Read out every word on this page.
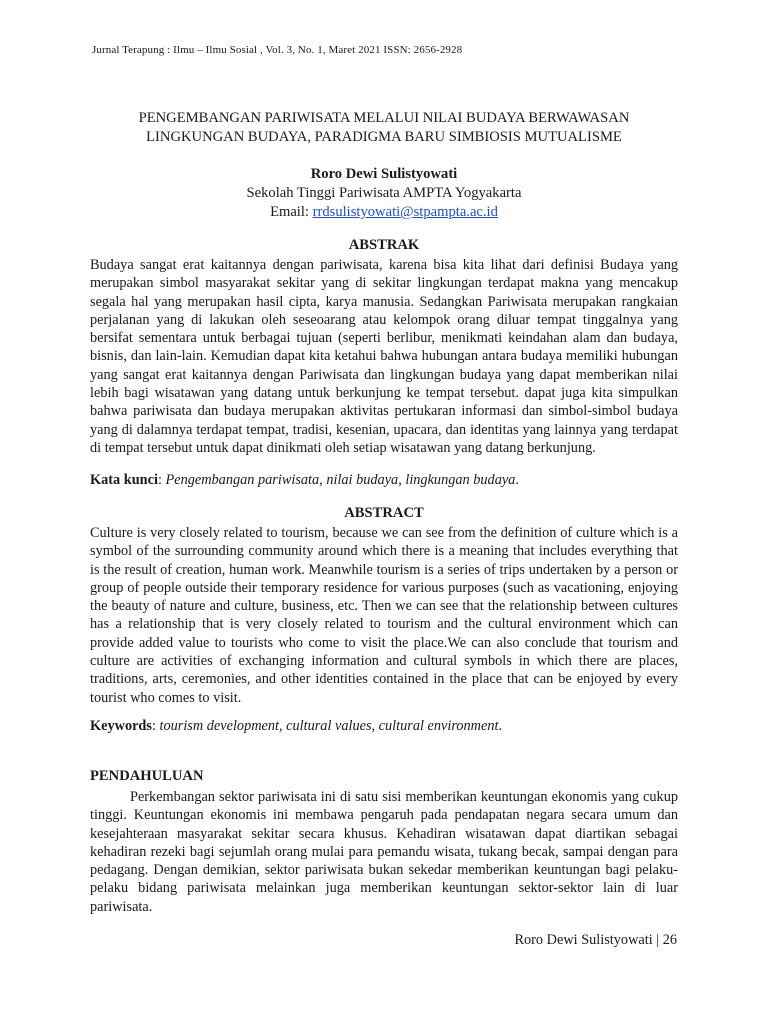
Jurnal Terapung : Ilmu – Ilmu Sosial , Vol. 3, No. 1, Maret 2021 ISSN: 2656-2928
PENGEMBANGAN PARIWISATA MELALUI NILAI BUDAYA BERWAWASAN
LINGKUNGAN BUDAYA, PARADIGMA BARU SIMBIOSIS MUTUALISME
Roro Dewi Sulistyowati
Sekolah Tinggi Pariwisata AMPTA Yogyakarta
Email: rrdsulistyowati@stpampta.ac.id
ABSTRAK

Budaya sangat erat kaitannya dengan pariwisata, karena bisa kita lihat dari definisi Budaya yang merupakan simbol masyarakat sekitar yang di sekitar lingkungan terdapat makna yang mencakup segala hal yang merupakan hasil cipta, karya manusia. Sedangkan Pariwisata merupakan rangkaian perjalanan yang di lakukan oleh seseoarang atau kelompok orang diluar tempat tinggalnya yang bersifat sementara untuk berbagai tujuan (seperti berlibur, menikmati keindahan alam dan budaya, bisnis, dan lain-lain. Kemudian dapat kita ketahui bahwa hubungan antara budaya memiliki hubungan yang sangat erat kaitannya dengan Pariwisata dan lingkungan budaya yang dapat memberikan nilai lebih bagi wisatawan yang datang untuk berkunjung ke tempat tersebut. dapat juga kita simpulkan bahwa pariwisata dan budaya merupakan aktivitas pertukaran informasi dan simbol-simbol budaya yang di dalamnya terdapat tempat, tradisi, kesenian, upacara, dan identitas yang lainnya yang terdapat di tempat tersebut untuk dapat dinikmati oleh setiap wisatawan yang datang berkunjung.

Kata kunci: Pengembangan pariwisata, nilai budaya, lingkungan budaya.
ABSTRACT

Culture is very closely related to tourism, because we can see from the definition of culture which is a symbol of the surrounding community around which there is a meaning that includes everything that is the result of creation, human work. Meanwhile tourism is a series of trips undertaken by a person or group of people outside their temporary residence for various purposes (such as vacationing, enjoying the beauty of nature and culture, business, etc. Then we can see that the relationship between cultures has a relationship that is very closely related to tourism and the cultural environment which can provide added value to tourists who come to visit the place.We can also conclude that tourism and culture are activities of exchanging information and cultural symbols in which there are places, traditions, arts, ceremonies, and other identities contained in the place that can be enjoyed by every tourist who comes to visit.

Keywords: tourism development, cultural values, cultural environment.
PENDAHULUAN

Perkembangan sektor pariwisata ini di satu sisi memberikan keuntungan ekonomis yang cukup tinggi. Keuntungan ekonomis ini membawa pengaruh pada pendapatan negara secara umum dan kesejahteraan masyarakat sekitar secara khusus. Kehadiran wisatawan dapat diartikan sebagai kehadiran rezeki bagi sejumlah orang mulai para pemandu wisata, tukang becak, sampai dengan para pedagang. Dengan demikian, sektor pariwisata bukan sekedar memberikan keuntungan bagi pelaku-pelaku bidang pariwisata melainkan juga memberikan keuntungan sektor-sektor lain di luar pariwisata.

Roro Dewi Sulistyowati | 26
